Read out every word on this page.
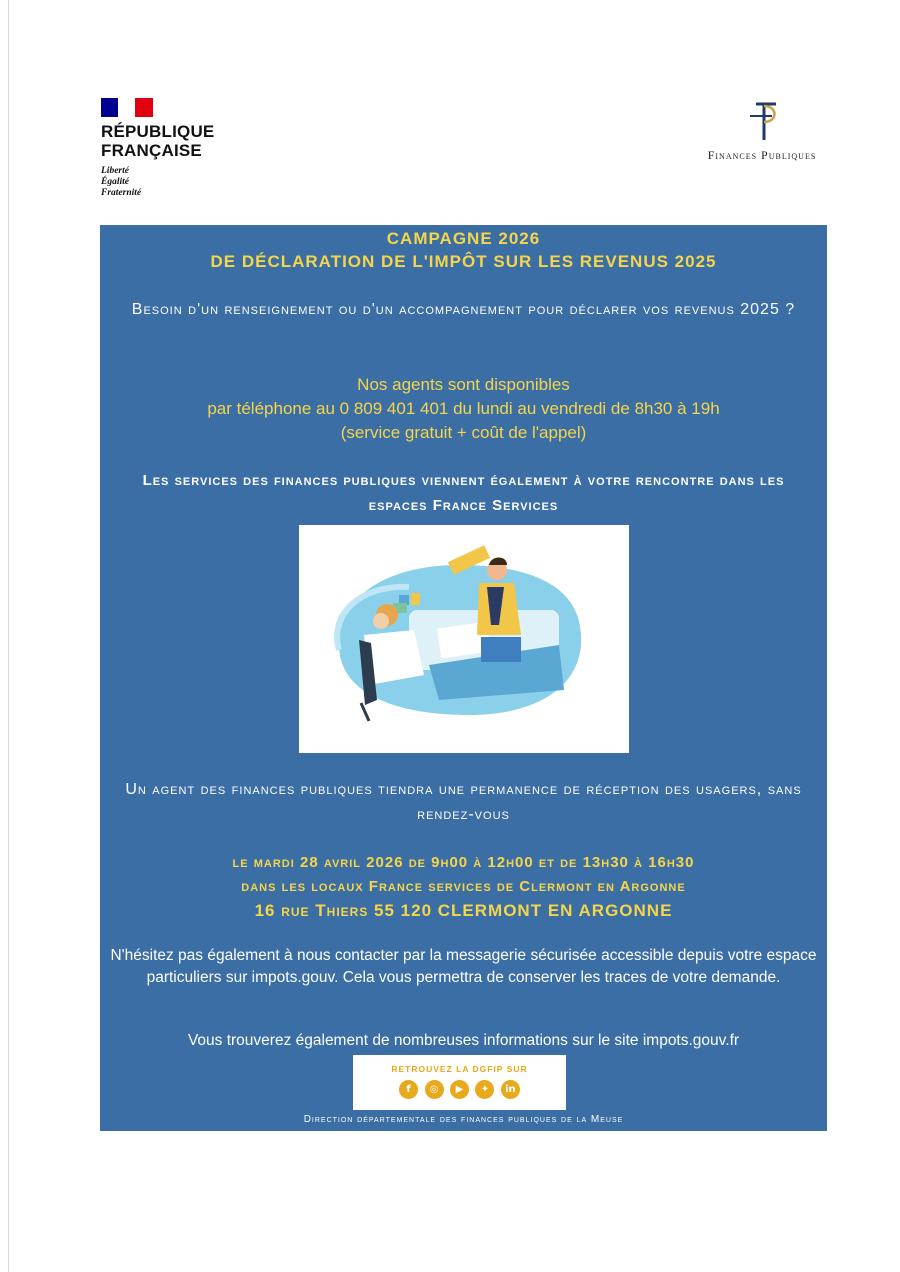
RÉPUBLIQUE
FRANÇAISE
Liberté
Égalité
Fraternité
Finances Publiques
CAMPAGNE 2026
DE DÉCLARATION DE L'IMPÔT SUR LES REVENUS 2025
Besoin d'un renseignement ou d'un accompagnement pour déclarer vos revenus 2025 ?
Nos agents sont disponibles
par téléphone au 0 809 401 401 du lundi au vendredi de 8h30 à 19h
(service gratuit + coût de l'appel)
Les services des finances publiques viennent également à votre rencontre dans les espaces France Services
Un agent des finances publiques tiendra une permanence de réception des usagers, sans rendez-vous
le mardi 28 avril 2026 de 9h00 à 12h00 et de 13h30 à 16h30
dans les locaux France services de Clermont en Argonne
16 rue Thiers 55 120 CLERMONT EN ARGONNE
N'hésitez pas également à nous contacter par la messagerie sécurisée accessible depuis votre espace particuliers sur impots.gouv. Cela vous permettra de conserver les traces de votre demande.
Vous trouverez également de nombreuses informations sur le site impots.gouv.fr
RETROUVEZ LA DGFIP SUR
f ◎ ▶ ✦ in
Direction départementale des finances publiques de la Meuse
